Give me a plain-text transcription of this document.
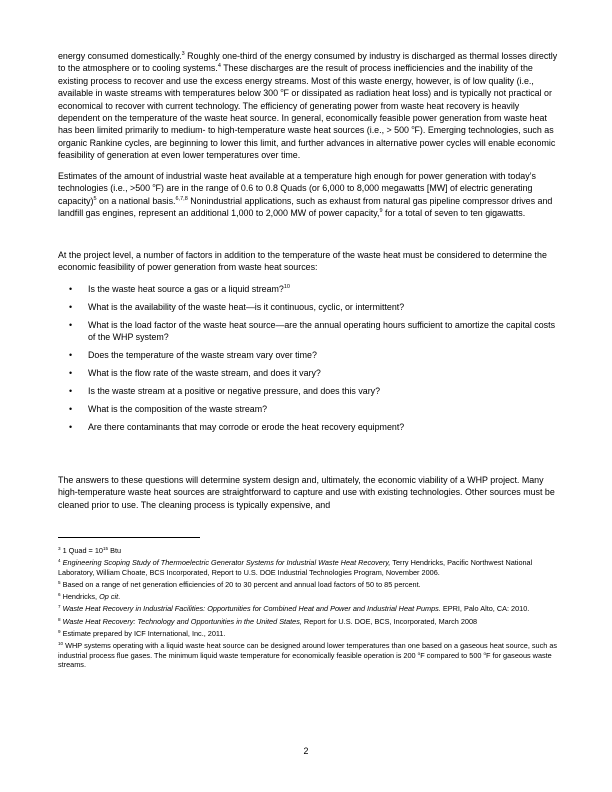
energy consumed domestically.$^3$ Roughly one-third of the energy consumed by industry is discharged as thermal losses directly to the atmosphere or to cooling systems.$^4$ These discharges are the result of process inefficiencies and the inability of the existing process to recover and use the excess energy streams. Most of this waste energy, however, is of low quality (i.e., available in waste streams with temperatures below 300 $^o$F or dissipated as radiation heat loss) and is typically not practical or economical to recover with current technology. The efficiency of generating power from waste heat recovery is heavily dependent on the temperature of the waste heat source. In general, economically feasible power generation from waste heat has been limited primarily to medium- to high-temperature waste heat sources (i.e., > 500 $^o$F). Emerging technologies, such as organic Rankine cycles, are beginning to lower this limit, and further advances in alternative power cycles will enable economic feasibility of generation at even lower temperatures over time.

Estimates of the amount of industrial waste heat available at a temperature high enough for power generation with today’s technologies (i.e., >500 $^o$F) are in the range of 0.6 to 0.8 Quads (or 6,000 to 8,000 megawatts [MW] of electric generating capacity)$^5$ on a national basis.$^{6,7,8}$ Nonindustrial applications, such as exhaust from natural gas pipeline compressor drives and landfill gas engines, represent an additional 1,000 to 2,000 MW of power capacity,$^9$ for a total of seven to ten gigawatts.

At the project level, a number of factors in addition to the temperature of the waste heat must be considered to determine the economic feasibility of power generation from waste heat sources:

• Is the waste heat source a gas or a liquid stream?$^{10}$
• What is the availability of the waste heat—is it continuous, cyclic, or intermittent?
• What is the load factor of the waste heat source—are the annual operating hours sufficient to amortize the capital costs of the WHP system?
• Does the temperature of the waste stream vary over time?
• What is the flow rate of the waste stream, and does it vary?
• Is the waste stream at a positive or negative pressure, and does this vary?
• What is the composition of the waste stream?
• Are there contaminants that may corrode or erode the heat recovery equipment?

The answers to these questions will determine system design and, ultimately, the economic viability of a WHP project. Many high-temperature waste heat sources are straightforward to capture and use with existing technologies. Other sources must be cleaned prior to use. The cleaning process is typically expensive, and

$^3$ 1 Quad = $10^{15}$ Btu

$^4$ Engineering Scoping Study of Thermoelectric Generator Systems for Industrial Waste Heat Recovery, Terry Hendricks, Pacific Northwest National Laboratory, William Choate, BCS Incorporated, Report to U.S. DOE Industrial Technologies Program, November 2006.

$^5$ Based on a range of net generation efficiencies of 20 to 30 percent and annual load factors of 50 to 85 percent.

$^6$ Hendricks, Op cit.

$^7$ Waste Heat Recovery in Industrial Facilities: Opportunities for Combined Heat and Power and Industrial Heat Pumps. EPRI, Palo Alto, CA: 2010.

$^8$ Waste Heat Recovery: Technology and Opportunities in the United States, Report for U.S. DOE, BCS, Incorporated, March 2008

$^9$ Estimate prepared by ICF International, Inc., 2011.

$^{10}$ WHP systems operating with a liquid waste heat source can be designed around lower temperatures than one based on a gaseous heat source, such as industrial process flue gases. The minimum liquid waste temperature for economically feasible operation is 200 $^o$F compared to 500 $^o$F for gaseous waste streams.

2
